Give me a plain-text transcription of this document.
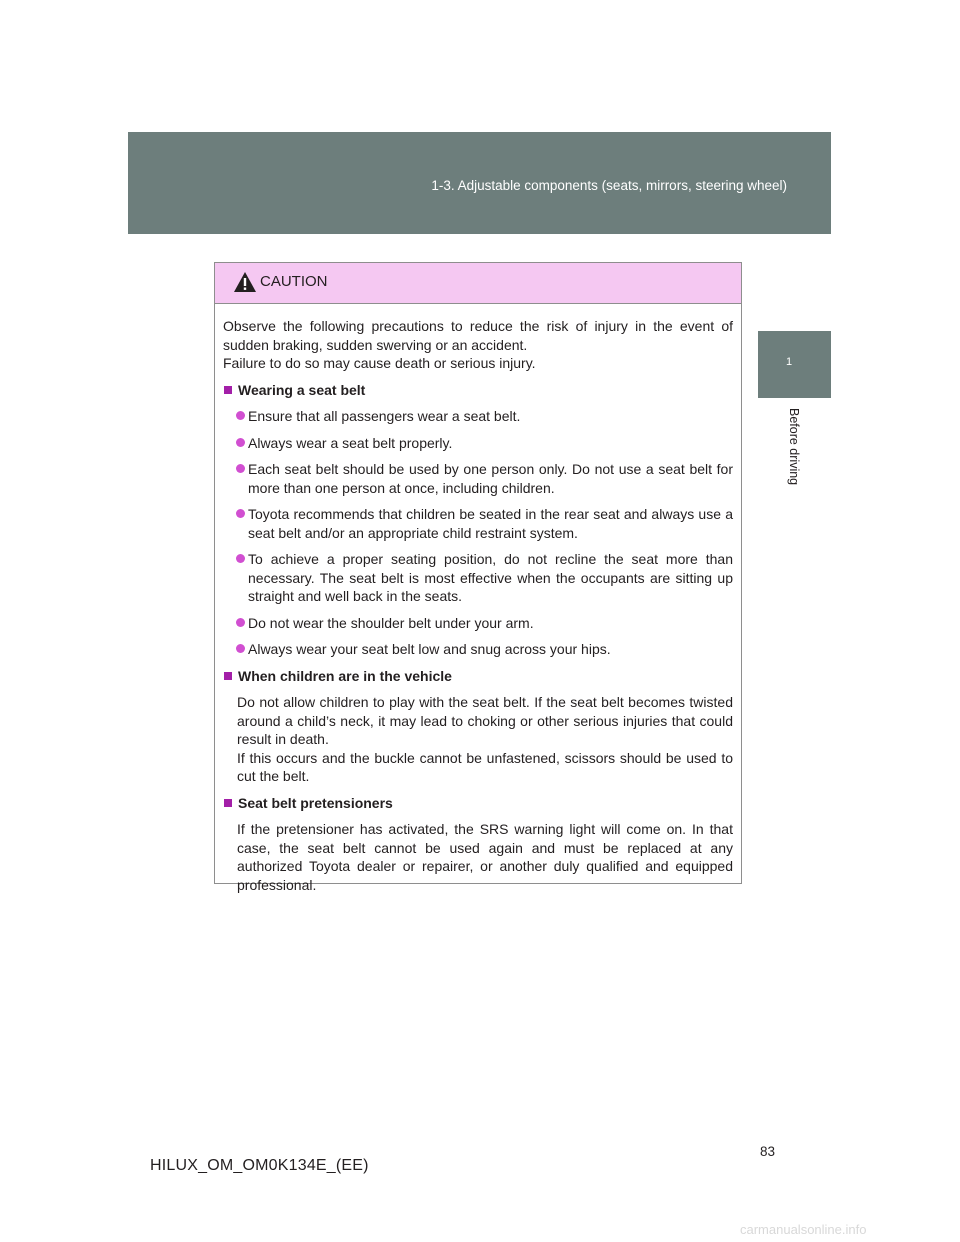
1-3. Adjustable components (seats, mirrors, steering wheel)
1
Before driving
CAUTION

Observe the following precautions to reduce the risk of injury in the event of sudden braking, sudden swerving or an accident.
Failure to do so may cause death or serious injury.

Wearing a seat belt
Ensure that all passengers wear a seat belt.
Always wear a seat belt properly.
Each seat belt should be used by one person only. Do not use a seat belt for more than one person at once, including children.
Toyota recommends that children be seated in the rear seat and always use a seat belt and/or an appropriate child restraint system.
To achieve a proper seating position, do not recline the seat more than necessary. The seat belt is most effective when the occupants are sitting up straight and well back in the seats.
Do not wear the shoulder belt under your arm.
Always wear your seat belt low and snug across your hips.
When children are in the vehicle
Do not allow children to play with the seat belt. If the seat belt becomes twisted around a child’s neck, it may lead to choking or other serious injuries that could result in death.
If this occurs and the buckle cannot be unfastened, scissors should be used to cut the belt.
Seat belt pretensioners
If the pretensioner has activated, the SRS warning light will come on. In that case, the seat belt cannot be used again and must be replaced at any authorized Toyota dealer or repairer, or another duly qualified and equipped professional.
83
HILUX_OM_OM0K134E_(EE)
carmanualsonline.info
